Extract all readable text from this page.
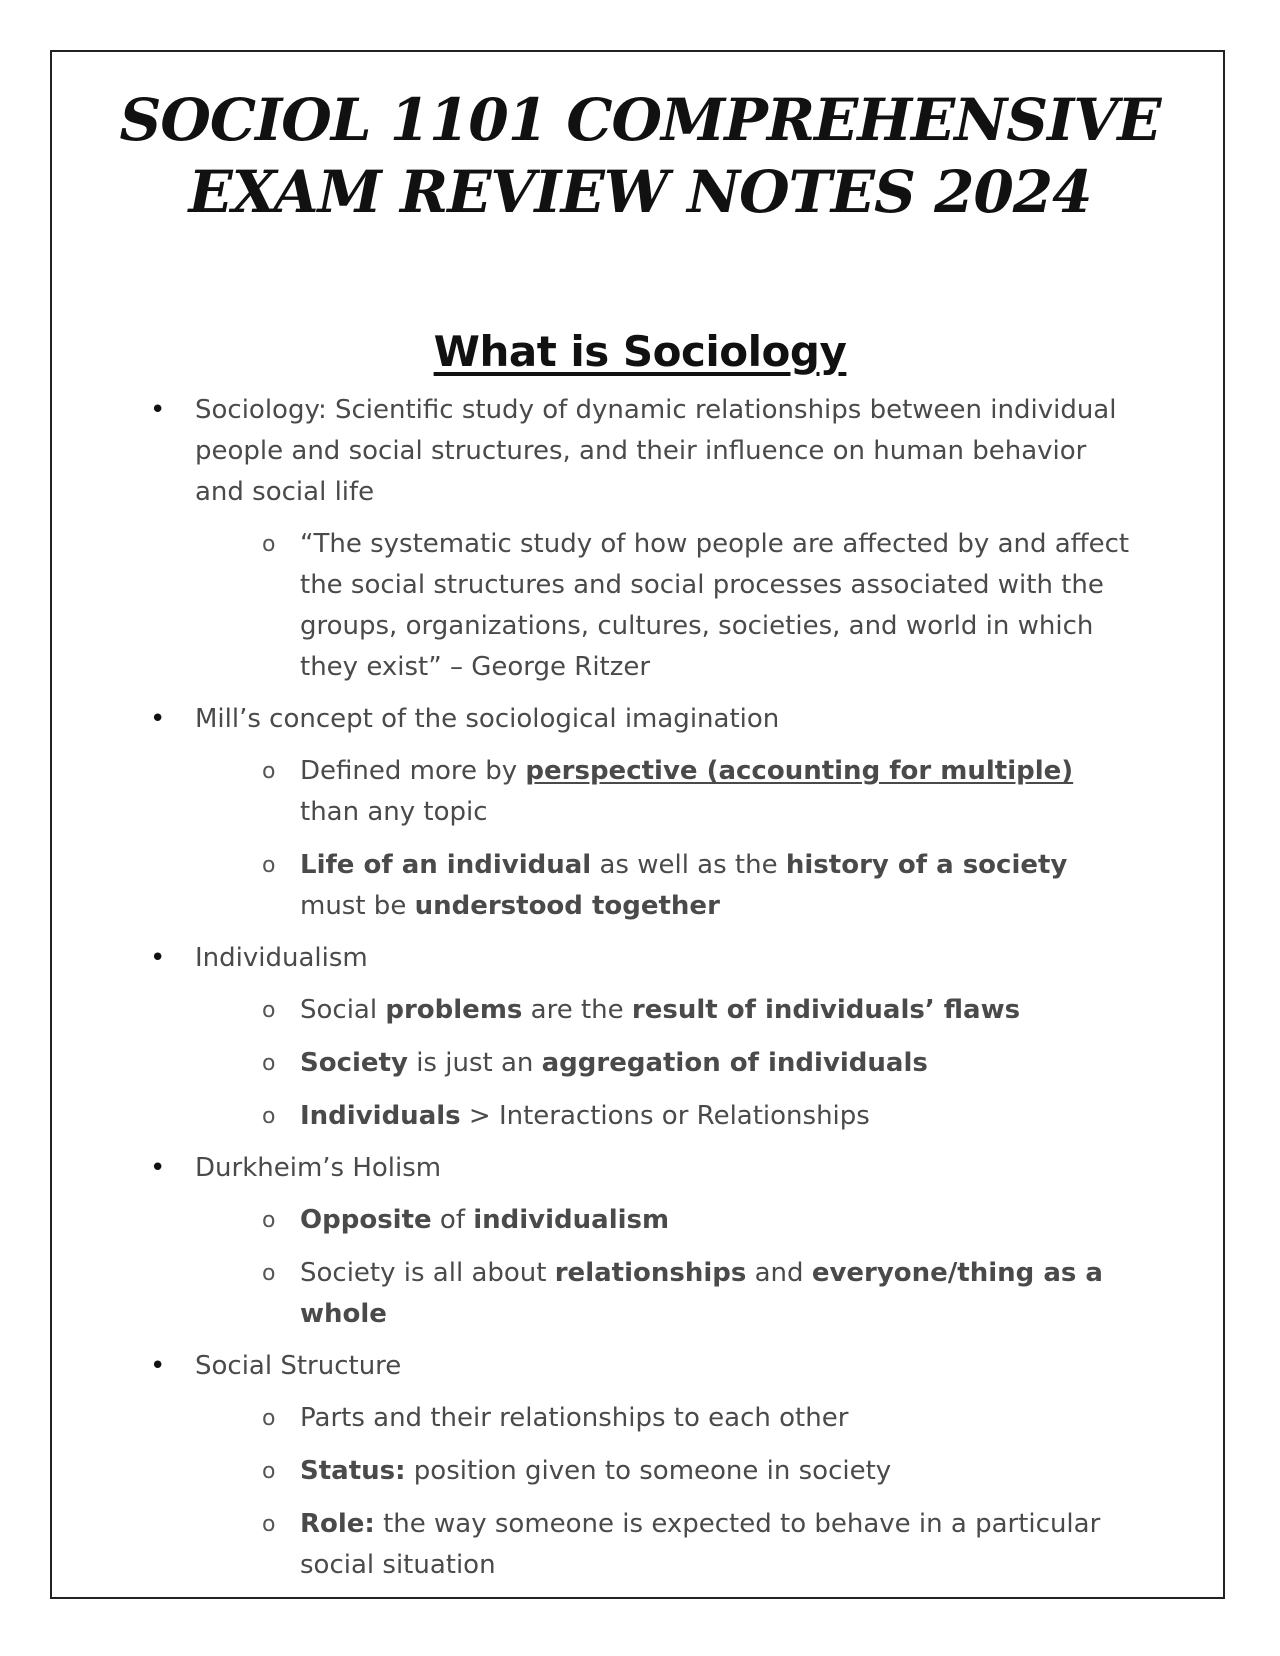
SOCIOL 1101 COMPREHENSIVE
EXAM REVIEW NOTES 2024
What is Sociology
• Sociology: Scientific study of dynamic relationships between individual people and social structures, and their influence on human behavior and social life
o “The systematic study of how people are affected by and affect the social structures and social processes associated with the groups, organizations, cultures, societies, and world in which they exist” – George Ritzer
• Mill’s concept of the sociological imagination
o Defined more by perspective (accounting for multiple) than any topic
o Life of an individual as well as the history of a society must be understood together
• Individualism
o Social problems are the result of individuals’ flaws
o Society is just an aggregation of individuals
o Individuals > Interactions or Relationships
• Durkheim’s Holism
o Opposite of individualism
o Society is all about relationships and everyone/thing as a whole
• Social Structure
o Parts and their relationships to each other
o Status: position given to someone in society
o Role: the way someone is expected to behave in a particular social situation
